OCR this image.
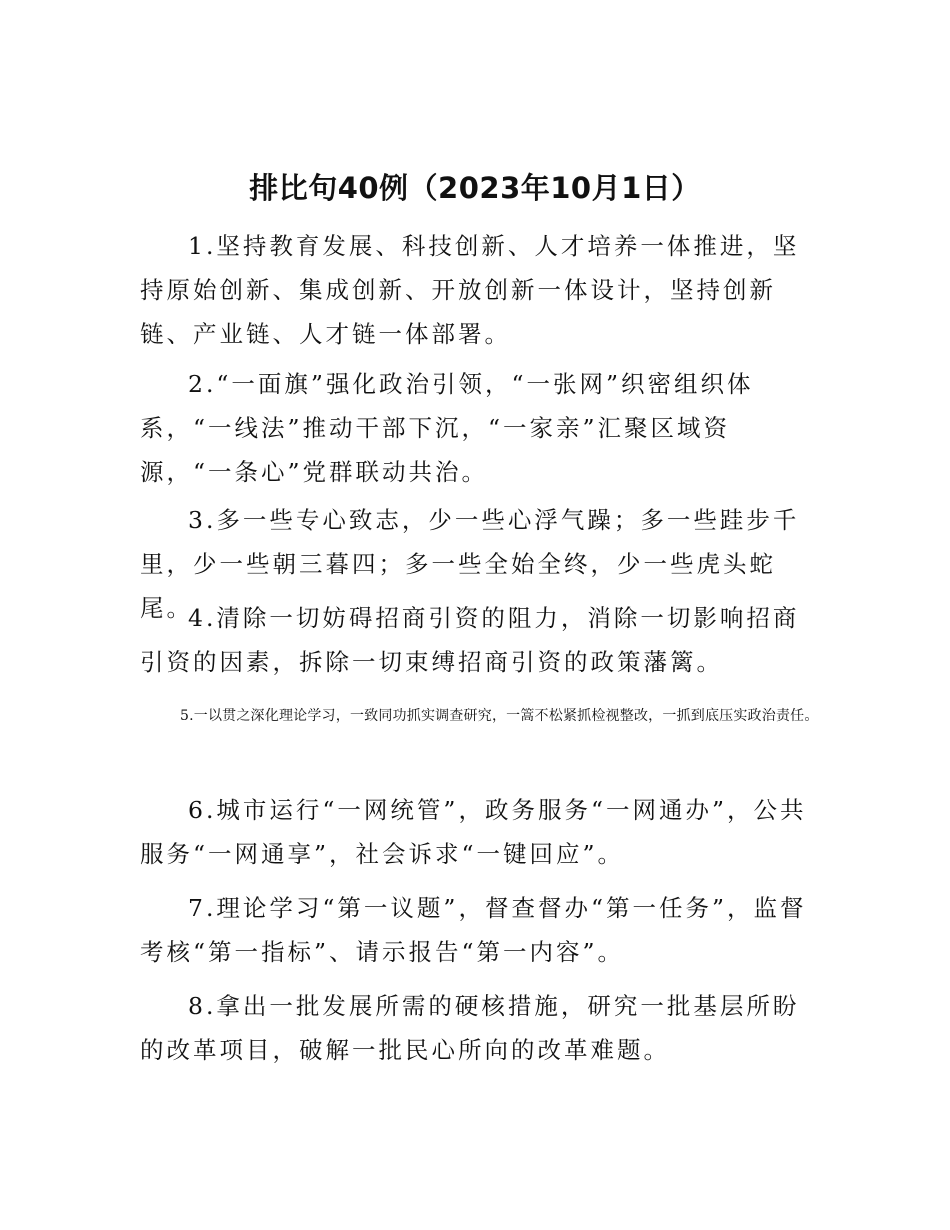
排比句40例（2023年10月1日）

1.坚持教育发展、科技创新、人才培养一体推进，坚持原始创新、集成创新、开放创新一体设计，坚持创新链、产业链、人才链一体部署。

2.“一面旗”强化政治引领，“一张网”织密组织体系，“一线法”推动干部下沉，“一家亲”汇聚区域资源，“一条心”党群联动共治。

3.多一些专心致志，少一些心浮气躁；多一些跬步千里，少一些朝三暮四；多一些全始全终，少一些虎头蛇尾。

4.清除一切妨碍招商引资的阻力，消除一切影响招商引资的因素，拆除一切束缚招商引资的政策藩篱。

5.一以贯之深化理论学习，一致同功抓实调查研究，一篙不松紧抓检视整改，一抓到底压实政治责任。

6.城市运行“一网统管”，政务服务“一网通办”，公共服务“一网通享”，社会诉求“一键回应”。

7.理论学习“第一议题”，督查督办“第一任务”，监督考核“第一指标”、请示报告“第一内容”。

8.拿出一批发展所需的硬核措施，研究一批基层所盼的改革项目，破解一批民心所向的改革难题。
